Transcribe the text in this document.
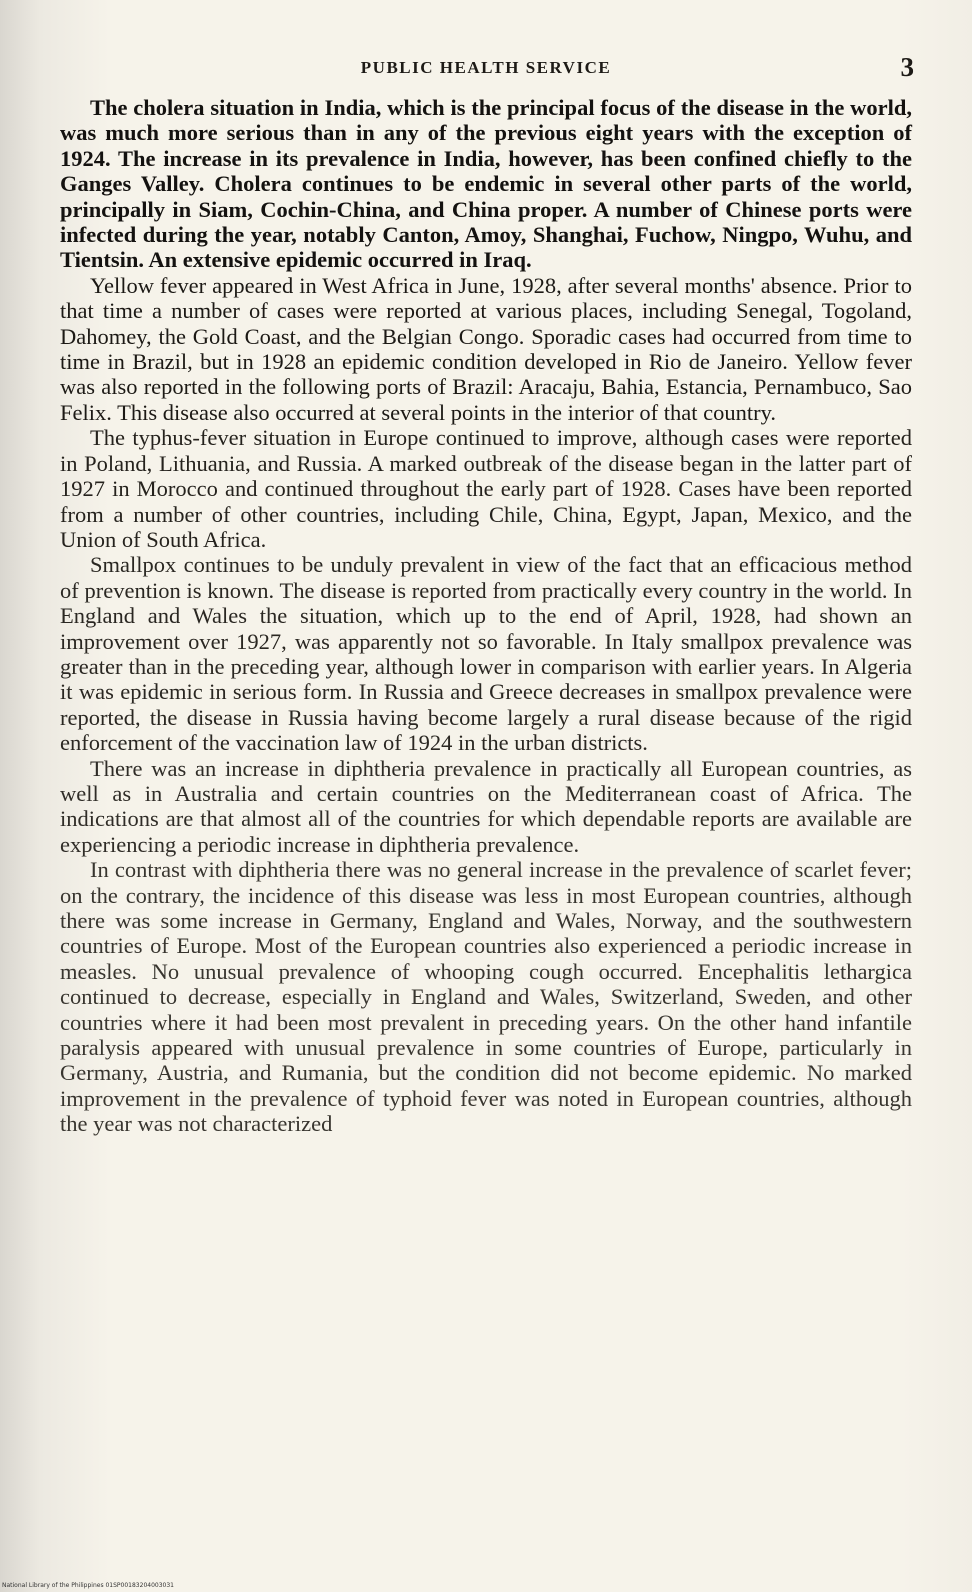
PUBLIC HEALTH SERVICE	3

The cholera situation in India, which is the principal focus of the disease in the world, was much more serious than in any of the previous eight years with the exception of 1924. The increase in its prevalence in India, however, has been confined chiefly to the Ganges Valley. Cholera continues to be endemic in several other parts of the world, principally in Siam, Cochin-China, and China proper. A number of Chinese ports were infected during the year, notably Canton, Amoy, Shanghai, Fuchow, Ningpo, Wuhu, and Tientsin. An extensive epidemic occurred in Iraq.

Yellow fever appeared in West Africa in June, 1928, after several months' absence. Prior to that time a number of cases were reported at various places, including Senegal, Togoland, Dahomey, the Gold Coast, and the Belgian Congo. Sporadic cases had occurred from time to time in Brazil, but in 1928 an epidemic condition developed in Rio de Janeiro. Yellow fever was also reported in the following ports of Brazil: Aracaju, Bahia, Estancia, Pernambuco, Sao Felix. This disease also occurred at several points in the interior of that country.

The typhus-fever situation in Europe continued to improve, although cases were reported in Poland, Lithuania, and Russia. A marked outbreak of the disease began in the latter part of 1927 in Morocco and continued throughout the early part of 1928. Cases have been reported from a number of other countries, including Chile, China, Egypt, Japan, Mexico, and the Union of South Africa.

Smallpox continues to be unduly prevalent in view of the fact that an efficacious method of prevention is known. The disease is reported from practically every country in the world. In England and Wales the situation, which up to the end of April, 1928, had shown an improvement over 1927, was apparently not so favorable. In Italy smallpox prevalence was greater than in the preceding year, although lower in comparison with earlier years. In Algeria it was epidemic in serious form. In Russia and Greece decreases in smallpox prevalence were reported, the disease in Russia having become largely a rural disease because of the rigid enforcement of the vaccination law of 1924 in the urban districts.

There was an increase in diphtheria prevalence in practically all European countries, as well as in Australia and certain countries on the Mediterranean coast of Africa. The indications are that almost all of the countries for which dependable reports are available are experiencing a periodic increase in diphtheria prevalence.

In contrast with diphtheria there was no general increase in the prevalence of scarlet fever; on the contrary, the incidence of this disease was less in most European countries, although there was some increase in Germany, England and Wales, Norway, and the southwestern countries of Europe. Most of the European countries also experienced a periodic increase in measles. No unusual prevalence of whooping cough occurred. Encephalitis lethargica continued to decrease, especially in England and Wales, Switzerland, Sweden, and other countries where it had been most prevalent in preceding years. On the other hand infantile paralysis appeared with unusual prevalence in some countries of Europe, particularly in Germany, Austria, and Rumania, but the condition did not become epidemic. No marked improvement in the prevalence of typhoid fever was noted in European countries, although the year was not characterized

National Library of the Philippines 01SP00183204003031
